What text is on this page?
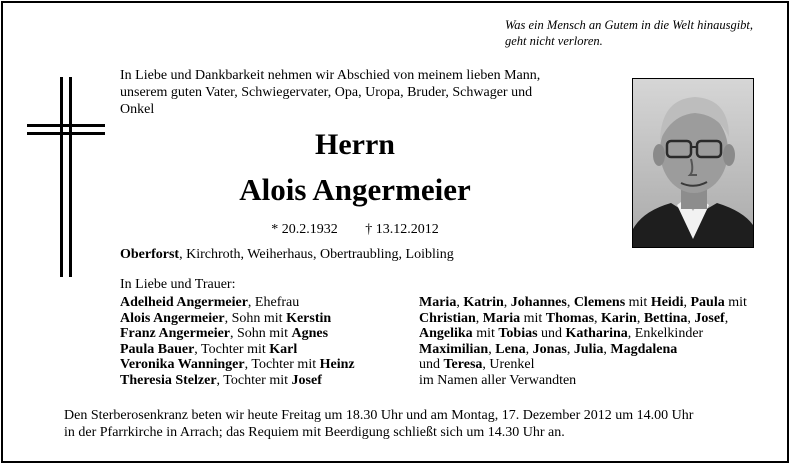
Was ein Mensch an Gutem in die Welt hinausgibt,
geht nicht verloren.
In Liebe und Dankbarkeit nehmen wir Abschied von meinem lieben Mann,
unserem guten Vater, Schwiegervater, Opa, Uropa, Bruder, Schwager und
Onkel
Herrn
Alois Angermeier
* 20.2.1932 † 13.12.2012
Oberforst, Kirchroth, Weiherhaus, Obertraubling, Loibling
In Liebe und Trauer:
Adelheid Angermeier, Ehefrau
Alois Angermeier, Sohn mit Kerstin
Franz Angermeier, Sohn mit Agnes
Paula Bauer, Tochter mit Karl
Veronika Wanninger, Tochter mit Heinz
Theresia Stelzer, Tochter mit Josef
Maria, Katrin, Johannes, Clemens mit Heidi, Paula mit
Christian, Maria mit Thomas, Karin, Bettina, Josef,
Angelika mit Tobias und Katharina, Enkelkinder
Maximilian, Lena, Jonas, Julia, Magdalena
und Teresa, Urenkel
im Namen aller Verwandten
Den Sterberosenkranz beten wir heute Freitag um 18.30 Uhr und am Montag, 17. Dezember 2012 um 14.00 Uhr
in der Pfarrkirche in Arrach; das Requiem mit Beerdigung schließt sich um 14.30 Uhr an.
